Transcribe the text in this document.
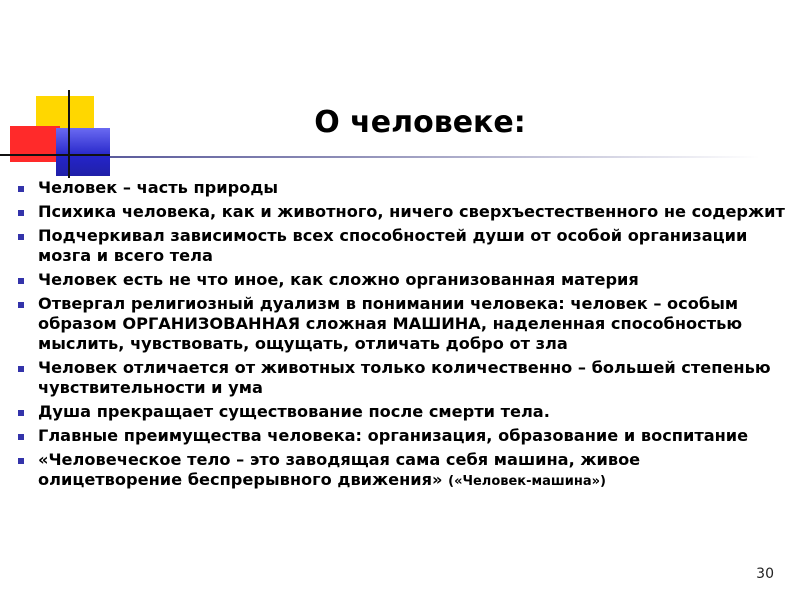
О человеке:
Человек – часть природы
Психика человека, как и животного, ничего сверхъестественного не содержит
Подчеркивал зависимость всех способностей души от особой организации мозга и всего тела
Человек есть не что иное, как сложно организованная материя
Отвергал религиозный дуализм в понимании человека: человек – особым образом ОРГАНИЗОВАННАЯ сложная МАШИНА, наделенная способностью мыслить, чувствовать, ощущать, отличать добро от зла
Человек отличается от животных только количественно – большей степенью чувствительности и ума
Душа прекращает существование после смерти тела.
Главные преимущества человека: организация, образование и воспитание
«Человеческое тело – это заводящая сама себя машина, живое олицетворение беспрерывного движения» («Человек-машина»)
30
